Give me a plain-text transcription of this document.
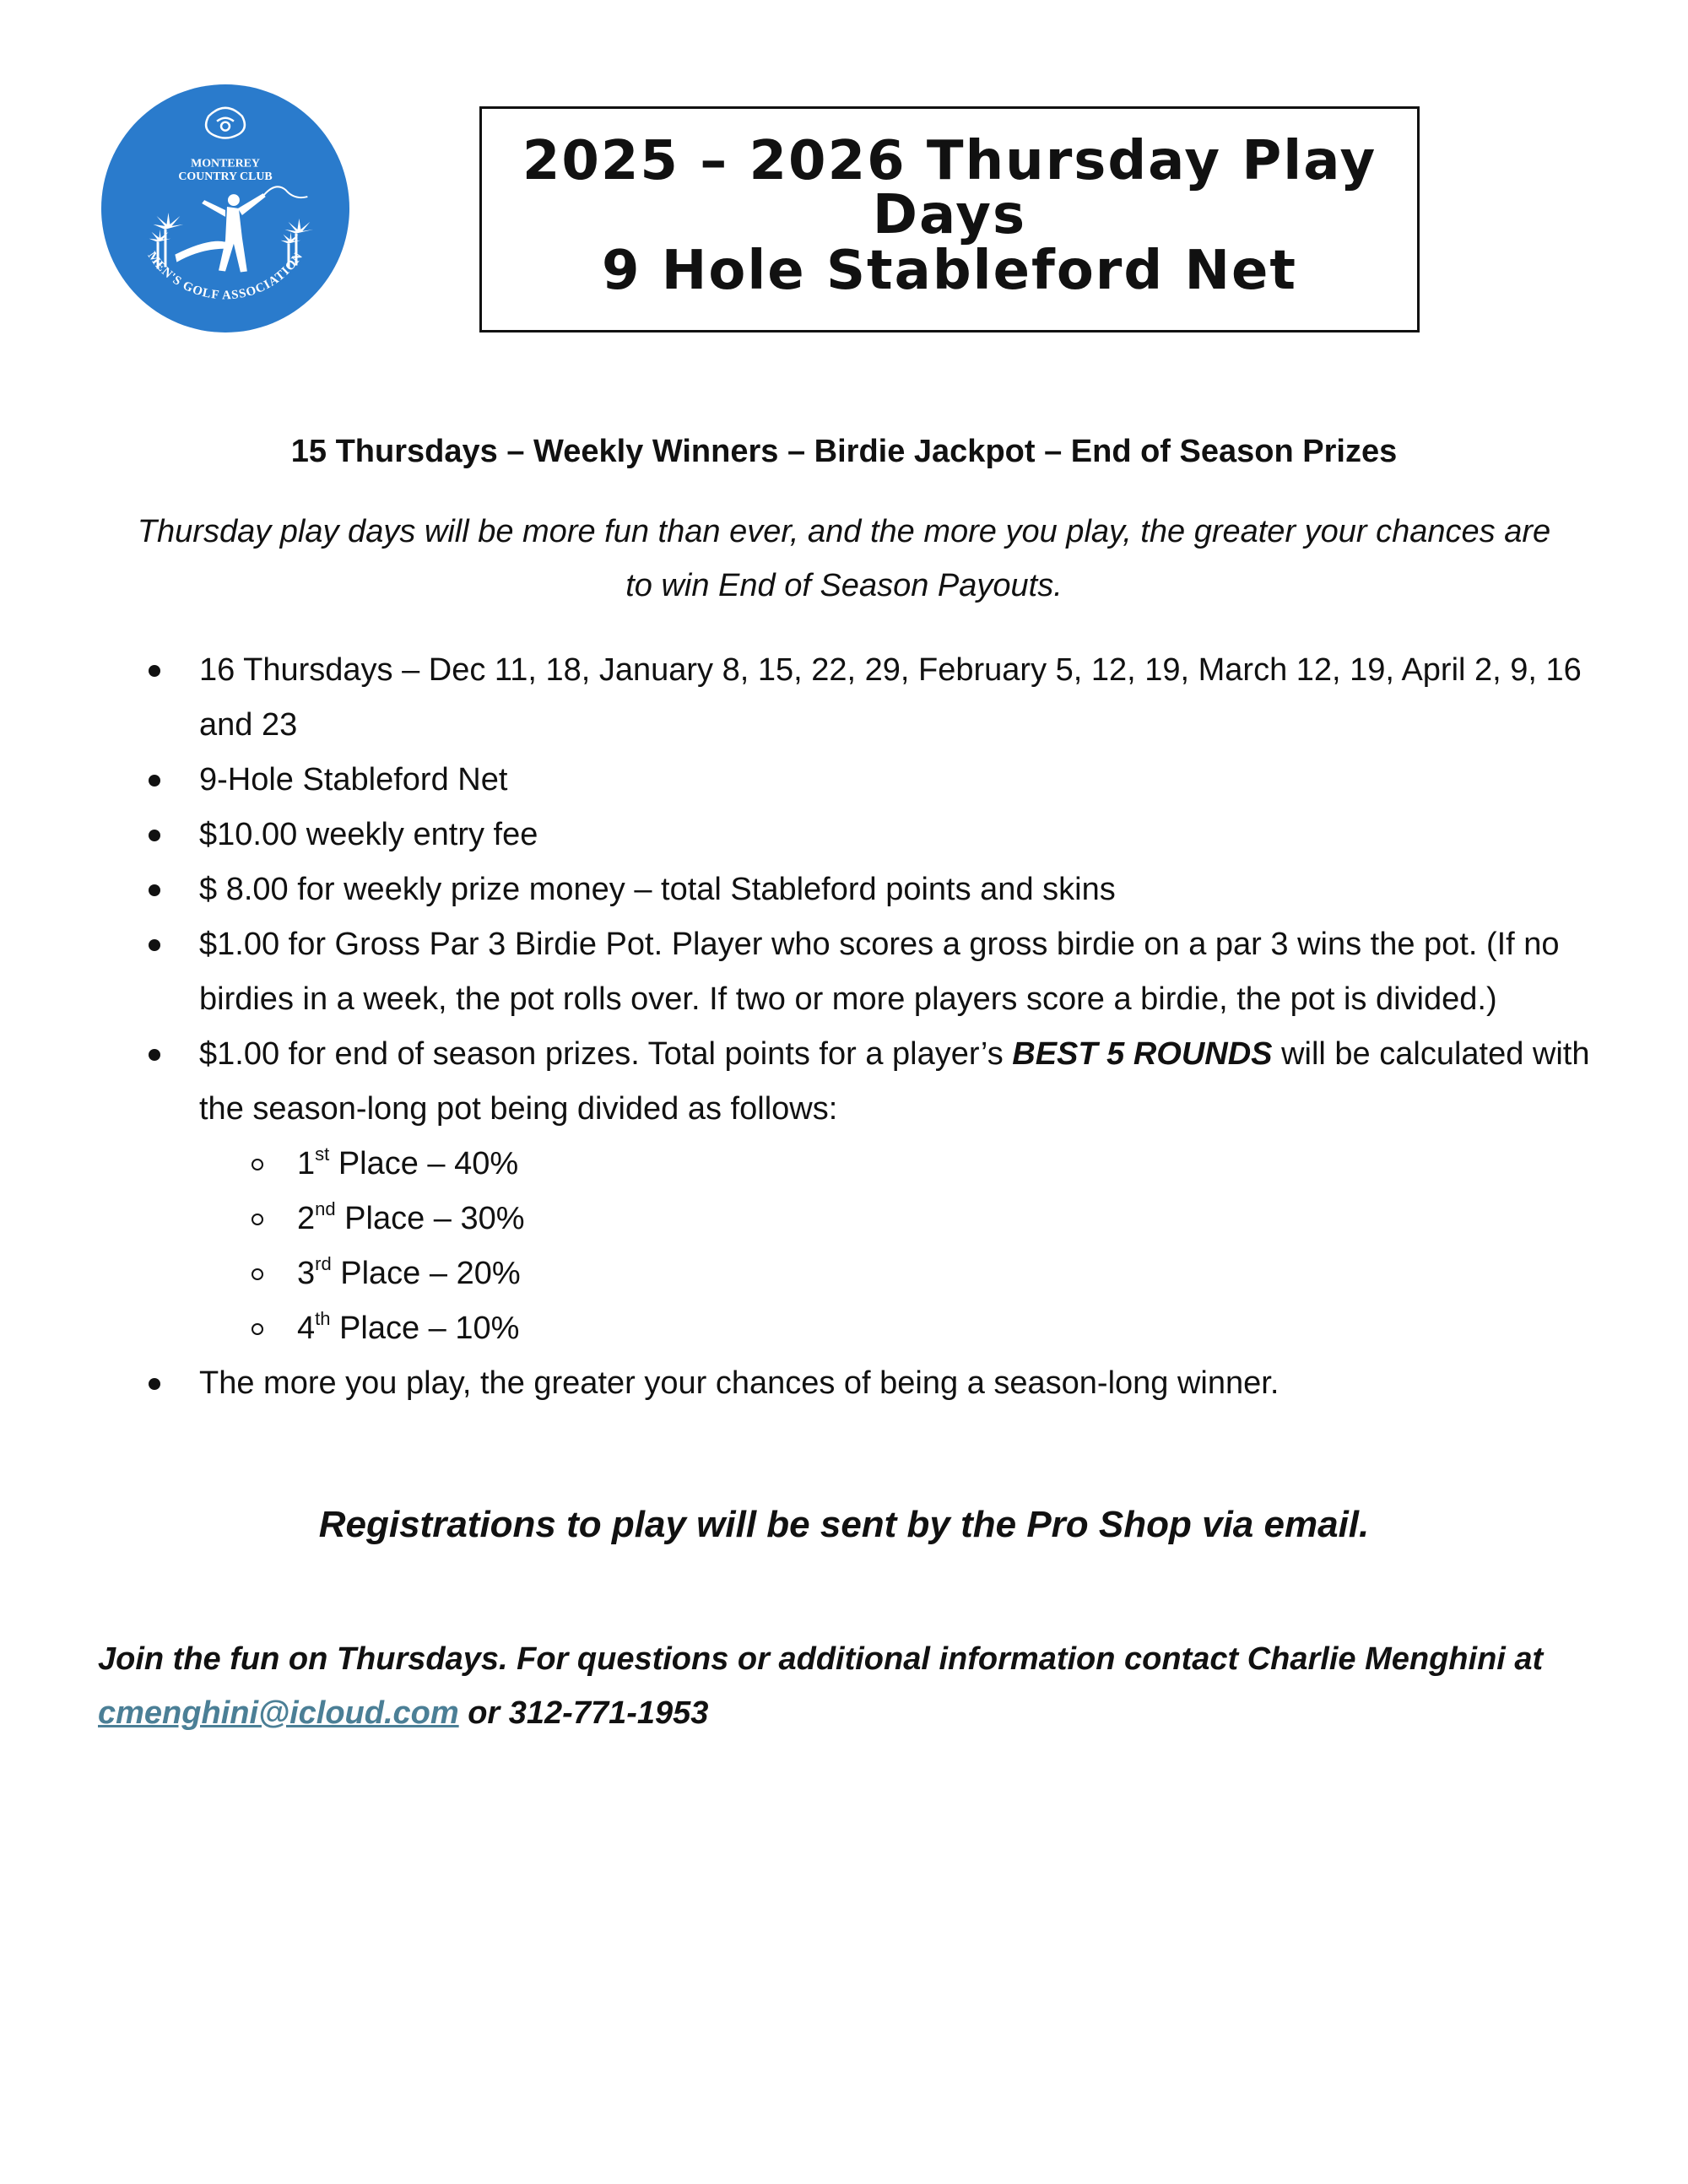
MONTEREY
COUNTRY CLUB
MEN'S GOLF ASSOCIATION
2025 – 2026 Thursday Play Days
9 Hole Stableford Net
15 Thursdays – Weekly Winners – Birdie Jackpot – End of Season Prizes
Thursday play days will be more fun than ever, and the more you play, the greater your chances are to win End of Season Payouts.
16 Thursdays – Dec 11, 18, January 8, 15, 22, 29, February 5, 12, 19, March 12, 19, April 2, 9, 16 and 23
9-Hole Stableford Net
$10.00 weekly entry fee
$ 8.00 for weekly prize money – total Stableford points and skins
$1.00 for Gross Par 3 Birdie Pot. Player who scores a gross birdie on a par 3 wins the pot. (If no birdies in a week, the pot rolls over. If two or more players score a birdie, the pot is divided.)
$1.00 for end of season prizes. Total points for a player’s BEST 5 ROUNDS will be calculated with the season-long pot being divided as follows:
1st Place – 40%
2nd Place – 30%
3rd Place – 20%
4th Place – 10%
The more you play, the greater your chances of being a season-long winner.
Registrations to play will be sent by the Pro Shop via email.
Join the fun on Thursdays. For questions or additional information contact Charlie Menghini at cmenghini@icloud.com or 312-771-1953
